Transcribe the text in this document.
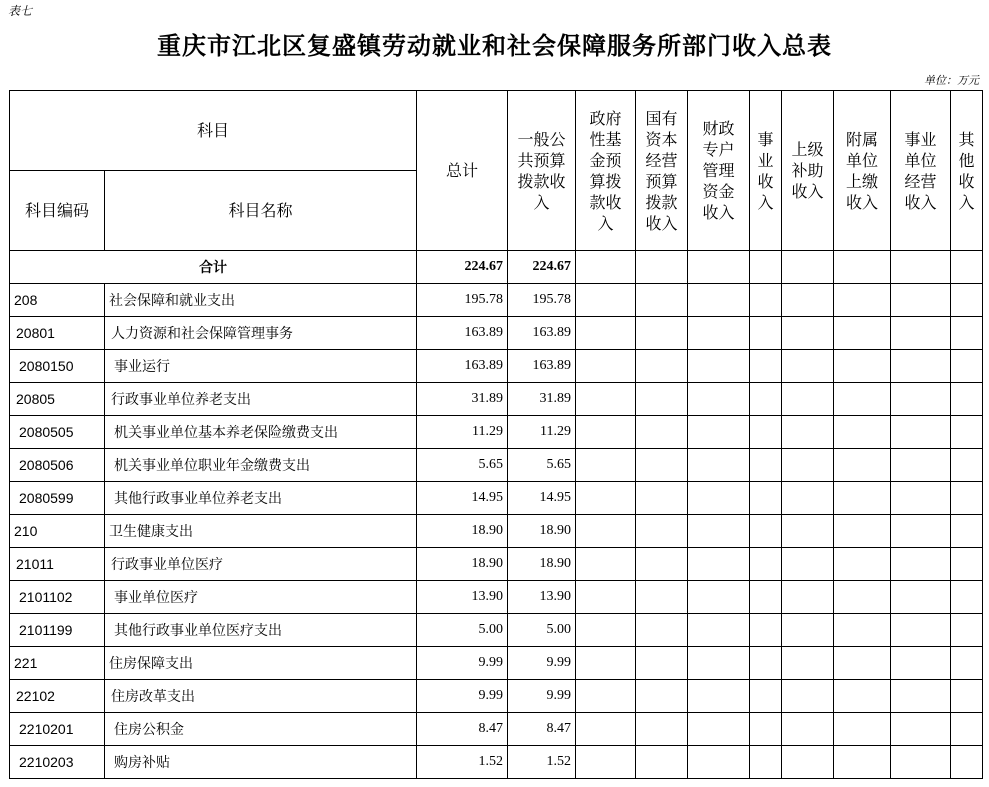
表七
重庆市江北区复盛镇劳动就业和社会保障服务所部门收入总表
单位：万元
科目		总计	一般公共预算拨款收入	政府性基金预算拨款收入	国有资本经营预算拨款收入	财政专户管理资金收入	事业收入	上级补助收入	附属单位上缴收入	事业单位经营收入	其他收入
科目编码	科目名称										
合计		224.67	224.67								
208	社会保障和就业支出	195.78	195.78								
20801	人力资源和社会保障管理事务	163.89	163.89								
2080150	事业运行	163.89	163.89								
20805	行政事业单位养老支出	31.89	31.89								
2080505	机关事业单位基本养老保险缴费支出	11.29	11.29								
2080506	机关事业单位职业年金缴费支出	5.65	5.65								
2080599	其他行政事业单位养老支出	14.95	14.95								
210	卫生健康支出	18.90	18.90								
21011	行政事业单位医疗	18.90	18.90								
2101102	事业单位医疗	13.90	13.90								
2101199	其他行政事业单位医疗支出	5.00	5.00								
221	住房保障支出	9.99	9.99								
22102	住房改革支出	9.99	9.99								
2210201	住房公积金	8.47	8.47								
2210203	购房补贴	1.52	1.52								
